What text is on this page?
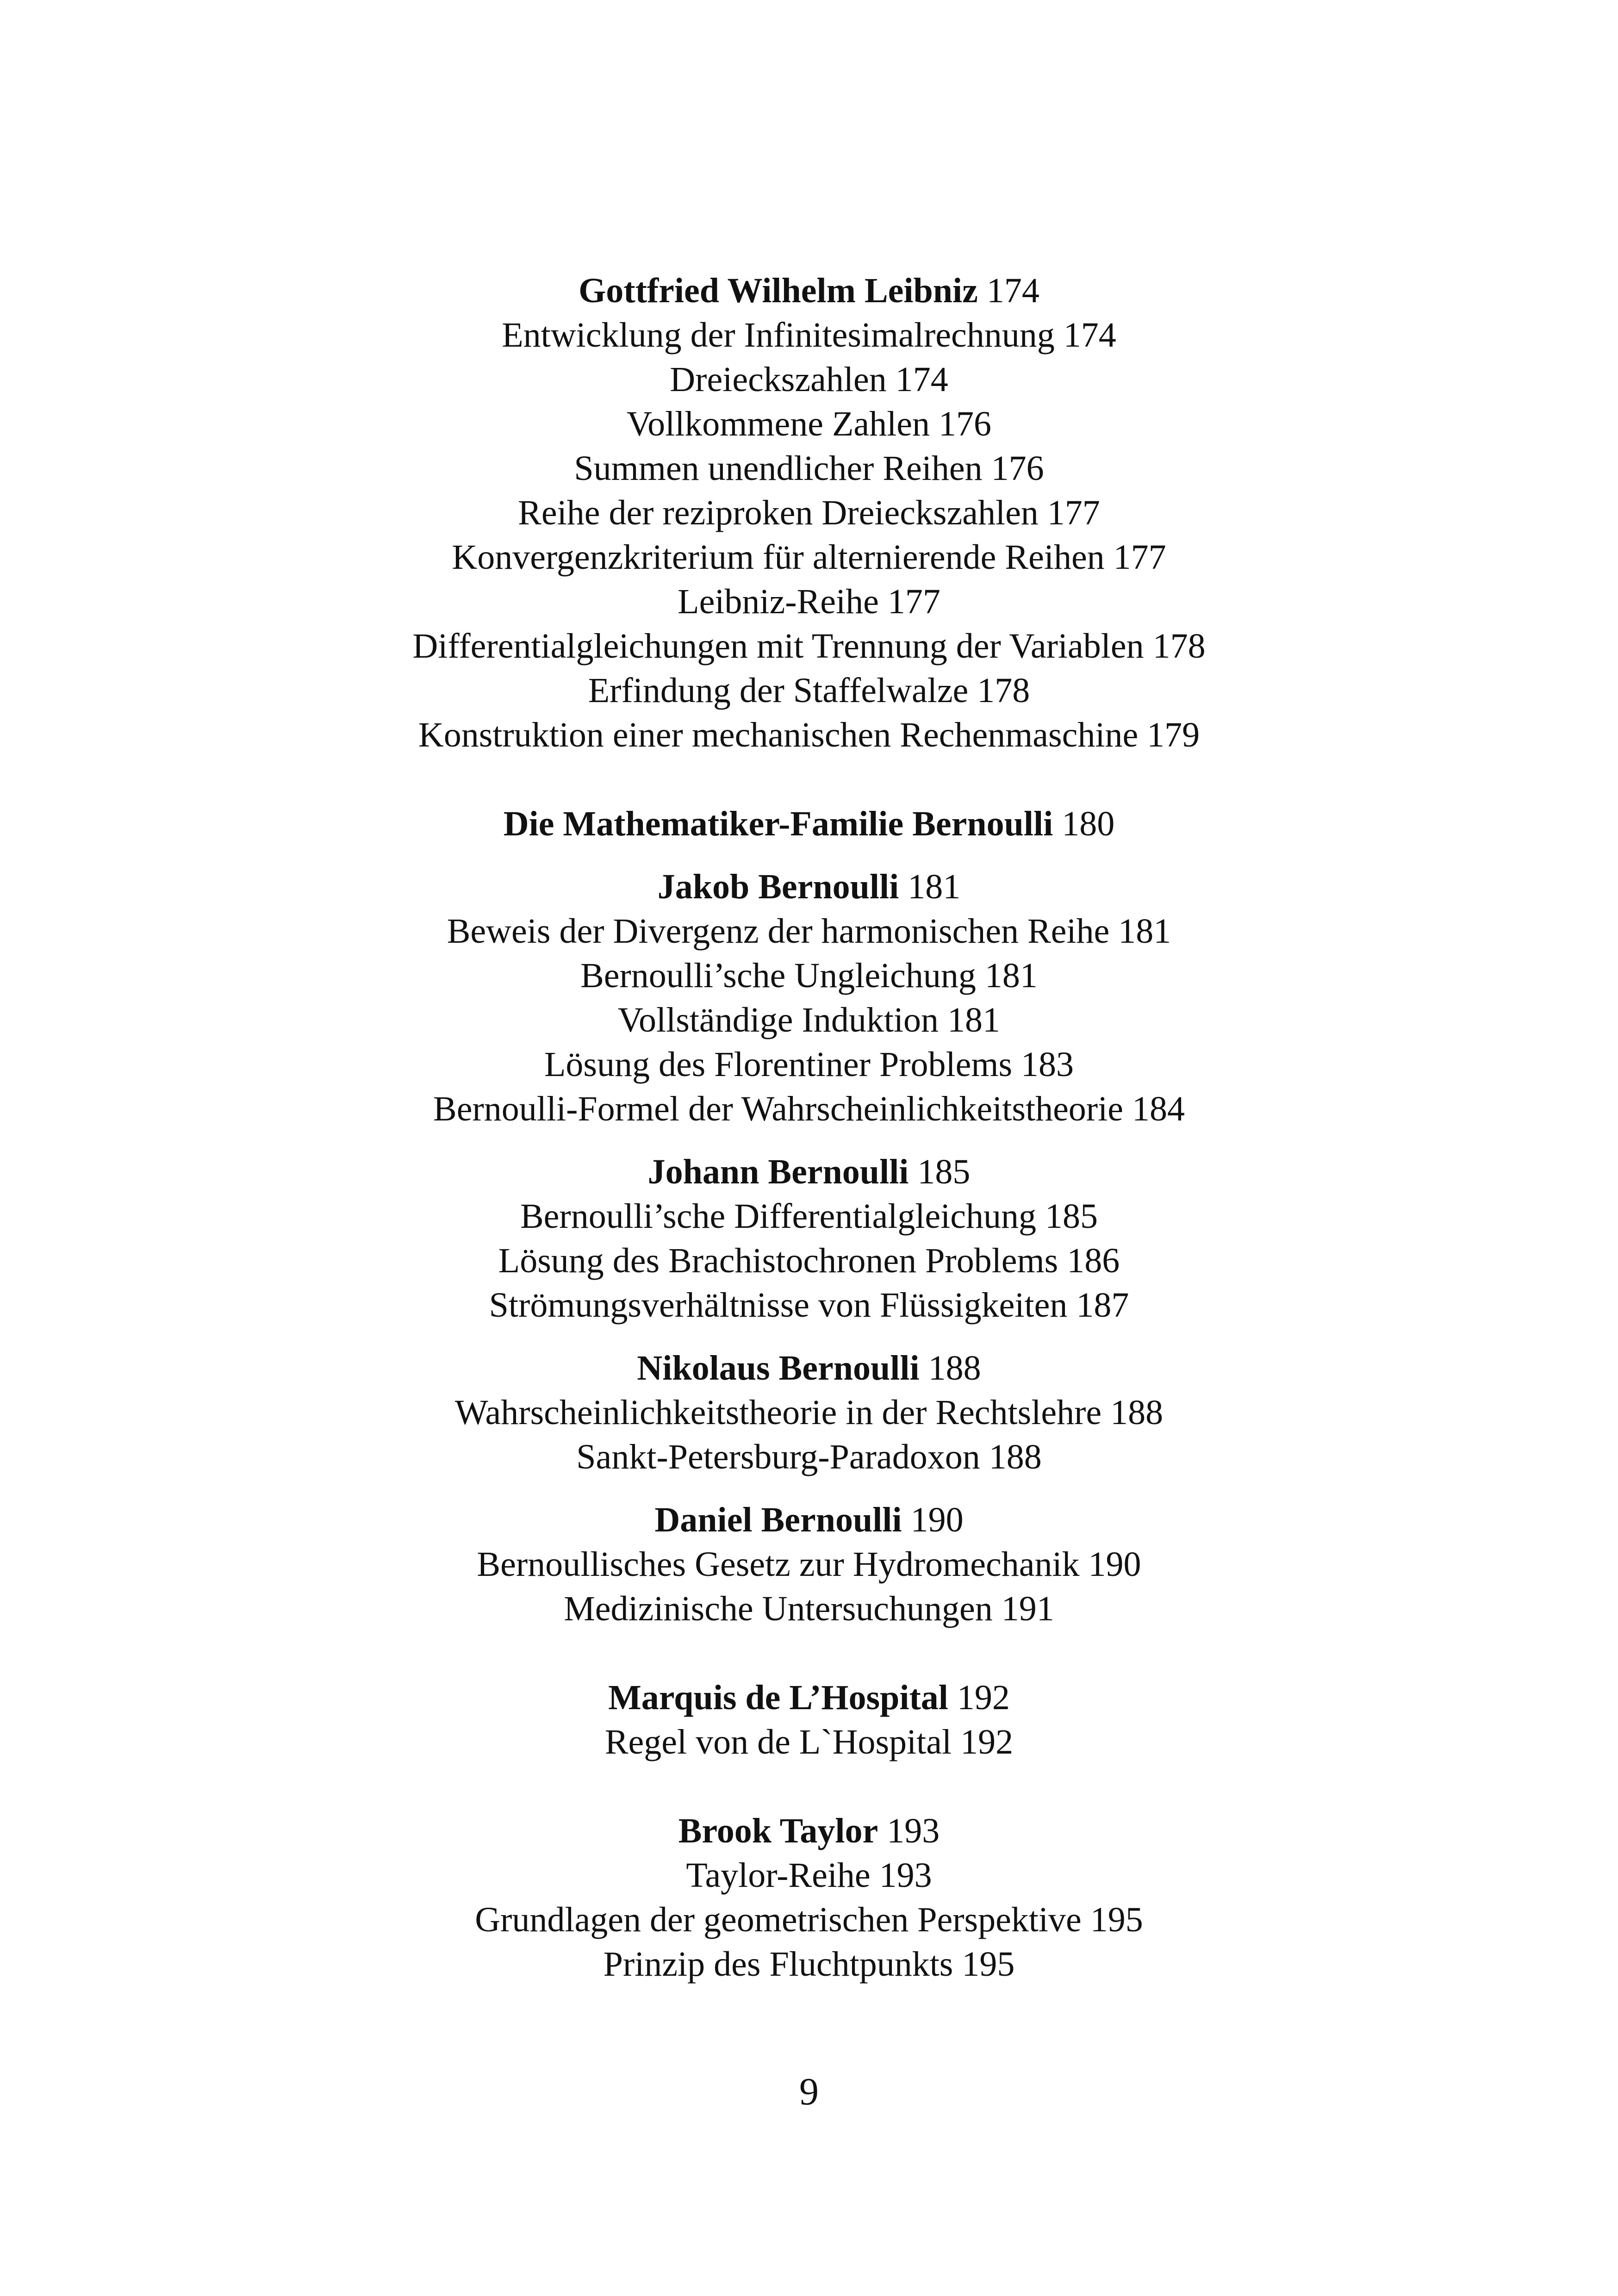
Gottfried Wilhelm Leibniz 174
Entwicklung der Infinitesimalrechnung 174
Dreieckszahlen 174
Vollkommene Zahlen 176
Summen unendlicher Reihen 176
Reihe der reziproken Dreieckszahlen 177
Konvergenzkriterium für alternierende Reihen 177
Leibniz-Reihe 177
Differentialgleichungen mit Trennung der Variablen 178
Erfindung der Staffelwalze 178
Konstruktion einer mechanischen Rechenmaschine 179
Die Mathematiker-Familie Bernoulli 180
Jakob Bernoulli 181
Beweis der Divergenz der harmonischen Reihe 181
Bernoulli’sche Ungleichung 181
Vollständige Induktion 181
Lösung des Florentiner Problems 183
Bernoulli-Formel der Wahrscheinlichkeitstheorie 184
Johann Bernoulli 185
Bernoulli’sche Differentialgleichung 185
Lösung des Brachistochronen Problems 186
Strömungsverhältnisse von Flüssigkeiten 187
Nikolaus Bernoulli 188
Wahrscheinlichkeitstheorie in der Rechtslehre 188
Sankt-Petersburg-Paradoxon 188
Daniel Bernoulli 190
Bernoullisches Gesetz zur Hydromechanik 190
Medizinische Untersuchungen 191
Marquis de L’Hospital 192
Regel von de L`Hospital 192
Brook Taylor 193
Taylor-Reihe 193
Grundlagen der geometrischen Perspektive 195
Prinzip des Fluchtpunkts 195
9
